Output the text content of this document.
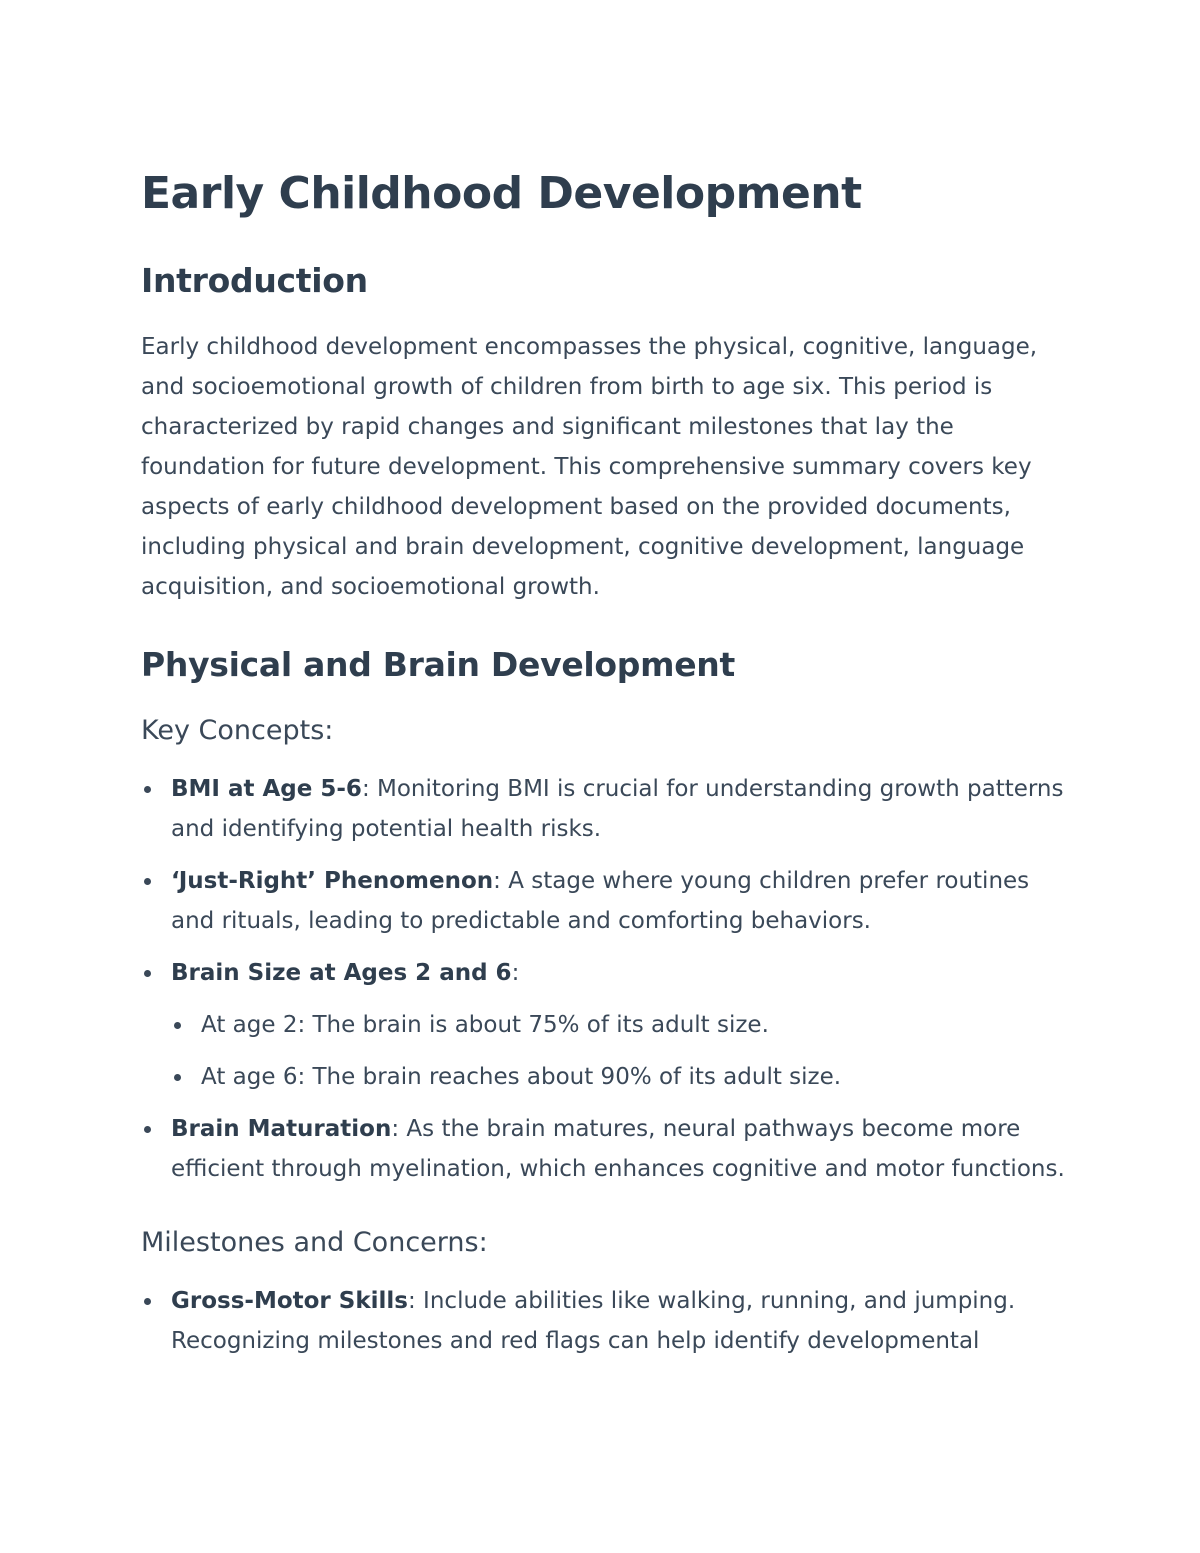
Early Childhood Development
Introduction

Early childhood development encompasses the physical, cognitive, language, and socioemotional growth of children from birth to age six. This period is characterized by rapid changes and significant milestones that lay the foundation for future development. This comprehensive summary covers key aspects of early childhood development based on the provided documents, including physical and brain development, cognitive development, language acquisition, and socioemotional growth.

Physical and Brain Development
Key Concepts:
BMI at Age 5-6: Monitoring BMI is crucial for understanding growth patterns and identifying potential health risks.
‘Just-Right’ Phenomenon: A stage where young children prefer routines and rituals, leading to predictable and comforting behaviors.
Brain Size at Ages 2 and 6:
At age 2: The brain is about 75% of its adult size.
At age 6: The brain reaches about 90% of its adult size.
Brain Maturation: As the brain matures, neural pathways become more efficient through myelination, which enhances cognitive and motor functions.
Milestones and Concerns:
Gross-Motor Skills: Include abilities like walking, running, and jumping. Recognizing milestones and red flags can help identify developmental
